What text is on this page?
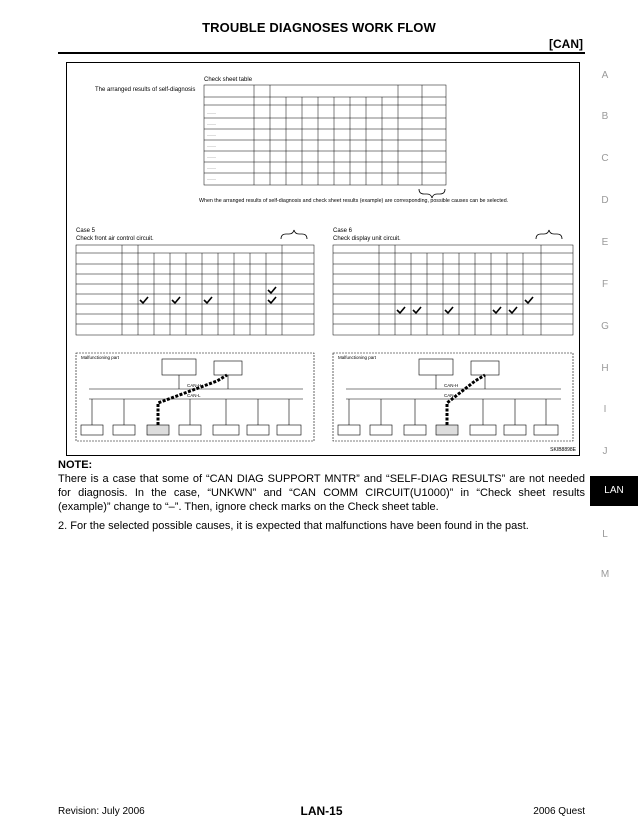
TROUBLE DIAGNOSES WORK FLOW
[CAN]
Check sheet table
The arranged results of self-diagnosis
———
———
———
———
———
———
———
When the arranged results of self-diagnosis and check sheet results (example) are corresponding, possible causes can be selected.
Case 5
Check front air control circuit.
Case 6
Check display unit circuit.
Malfunctioning part
CAN-H
CAN-L
Malfunctioning part
CAN-H
CAN-L
SKIB8898E
A
B
C
D
E
F
G
H
I
J
LAN
L
M
NOTE:

There is a case that some of “CAN DIAG SUPPORT MNTR” and “SELF-DIAG RESULTS” are not needed for diagnosis. In the case, “UNKWN” and “CAN COMM CIRCUIT(U1000)” in “Check sheet results (example)” change to “–”. Then, ignore check marks on the Check sheet table.

2. For the selected possible causes, it is expected that malfunctions have been found in the past.

Revision: July 2006	LAN-15	2006 Quest
